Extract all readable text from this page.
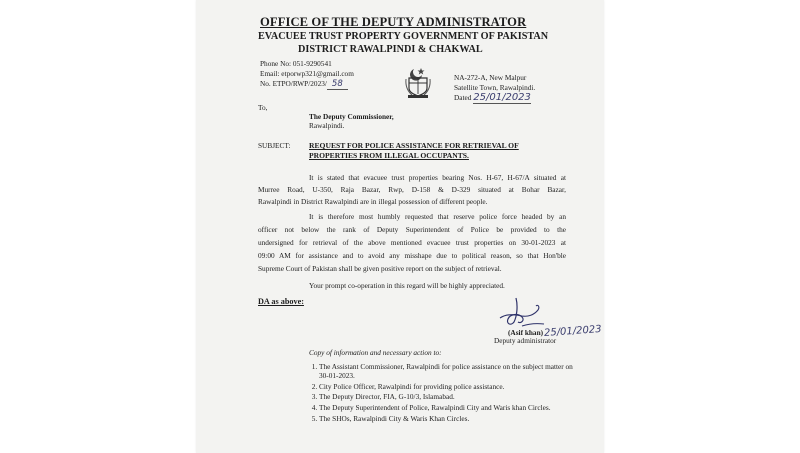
OFFICE OF THE DEPUTY ADMINISTRATOR
EVACUEE TRUST PROPERTY GOVERNMENT OF PAKISTAN
DISTRICT RAWALPINDI & CHAKWAL
Phone No: 051-9290541
Email: etporwp321@gmail.com
No. ETPO/RWP/2023/ 58
NA-272-A, New Malpur
Satellite Town, Rawalpindi.
Dated 25/01/2023
To,
The Deputy Commissioner,
Rawalpindi.
SUBJECT: REQUEST FOR POLICE ASSISTANCE FOR RETRIEVAL OF
PROPERTIES FROM ILLEGAL OCCUPANTS.
It is stated that evacuee trust properties bearing Nos. H-67, H-67/A situated at
Murree Road, U-350, Raja Bazar, Rwp, D-158 & D-329 situated at Bohar Bazar,
Rawalpindi in District Rawalpindi are in illegal possession of different people.
It is therefore most humbly requested that reserve police force headed by an
officer not below the rank of Deputy Superintendent of Police be provided to the
undersigned for retrieval of the above mentioned evacuee trust properties on 30-01-2023 at
09:00 AM for assistance and to avoid any misshape due to political reason, so that Hon'ble
Supreme Court of Pakistan shall be given positive report on the subject of retrieval.
Your prompt co-operation in this regard will be highly appreciated.
DA as above:
25/01/2023
(Asif khan)
Deputy administrator
Copy of information and necessary action to:
1. The Assistant Commissioner, Rawalpindi for police assistance on the subject matter on 30-01-2023.
2. City Police Officer, Rawalpindi for providing police assistance.
3. The Deputy Director, FIA, G-10/3, Islamabad.
4. The Deputy Superintendent of Police, Rawalpindi City and Waris khan Circles.
5. The SHOs, Rawalpindi City & Waris Khan Circles.
